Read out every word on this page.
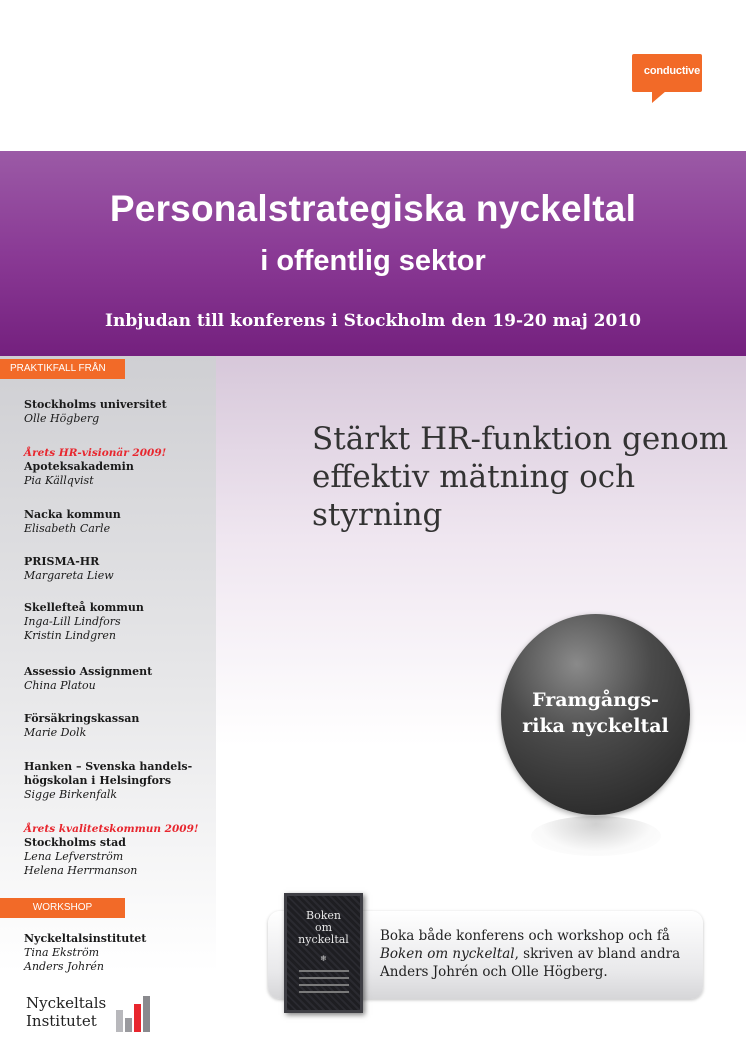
conductive
Personalstrategiska nyckeltal
i offentlig sektor
Inbjudan till konferens i Stockholm den 19-20 maj 2010
PRAKTIKFALL FRÅN
Stockholms universitet
Olle Högberg
Årets HR-visionär 2009!
Apoteksakademin
Pia Källqvist
Nacka kommun
Elisabeth Carle
PRISMA-HR
Margareta Liew
Skellefteå kommun
Inga-Lill Lindfors
Kristin Lindgren
Assessio Assignment
China Platou
Försäkringskassan
Marie Dolk
Hanken – Svenska handels-
högskolan i Helsingfors
Sigge Birkenfalk
Årets kvalitetskommun 2009!
Stockholms stad
Lena Lefverström
Helena Herrmanson
WORKSHOP
Nyckeltalsinstitutet
Tina Ekström
Anders Johrén
Nyckeltals
Institutet
Stärkt HR-funktion genom effektiv mätning och styrning
Framgångs-
rika nyckeltal
Boka både konferens och workshop och få Boken om nyckeltal, skriven av bland andra Anders Johrén och Olle Högberg.
Boken
om
nyckeltal
❄
